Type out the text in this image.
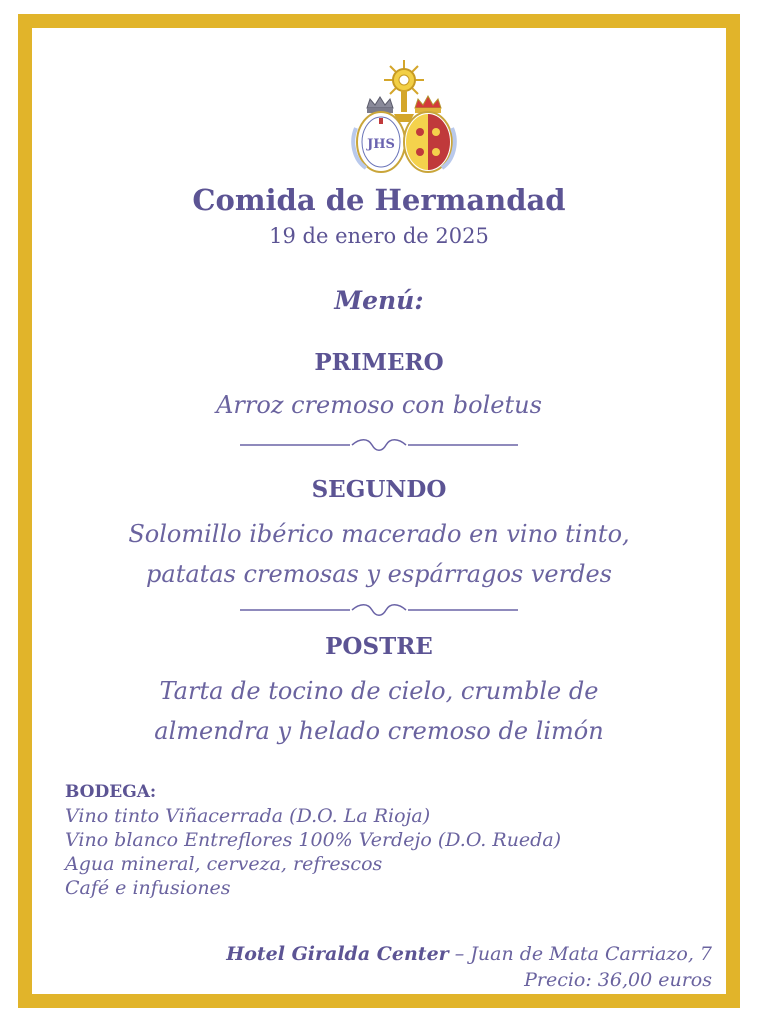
JHS
Comida de Hermandad
19 de enero de 2025
Menú:
PRIMERO
Arroz cremoso con boletus
SEGUNDO
Solomillo ibérico macerado en vino tinto,
patatas cremosas y espárragos verdes
POSTRE
Tarta de tocino de cielo, crumble de
almendra y helado cremoso de limón
BODEGA:
Vino tinto Viñacerrada (D.O. La Rioja)
Vino blanco Entreflores 100% Verdejo (D.O. Rueda)
Agua mineral, cerveza, refrescos
Café e infusiones
Hotel Giralda Center – Juan de Mata Carriazo, 7
Precio: 36,00 euros
